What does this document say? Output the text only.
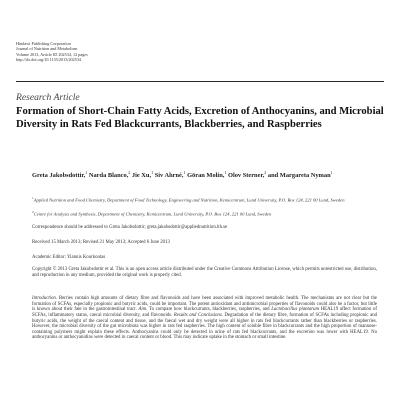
Hindawi Publishing Corporation
Journal of Nutrition and Metabolism
Volume 2013, Article ID 202534, 12 pages
http://dx.doi.org/10.1155/2013/202534
Research Article
Formation of Short-Chain Fatty Acids, Excretion of Anthocyanins, and Microbial Diversity in Rats Fed Blackcurrants, Blackberries, and Raspberries
Greta Jakobsdottir,$^1$ Narda Blanco,$^2$ Jie Xu,$^1$ Siv Ahrné,$^1$ Göran Molin,$^1$ Olov Sterner,$^2$ and Margareta Nyman$^1$
$^1$Applied Nutrition and Food Chemistry, Department of Food Technology, Engineering and Nutrition, Kemicentrum, Lund University, P.O. Box 124, 221 00 Lund, Sweden
$^2$Centre for Analysis and Synthesis, Department of Chemistry, Kemicentrum, Lund University, P.O. Box 124, 221 00 Lund, Sweden
Correspondence should be addressed to Greta Jakobsdottir; greta.jakobsdottir@appliednutrition.lth.se
Received 15 March 2013; Revised 21 May 2013; Accepted 6 June 2013
Academic Editor: Yiannis Kourkoutas
Copyright © 2013 Greta Jakobsdottir et al. This is an open access article distributed under the Creative Commons Attribution License, which permits unrestricted use, distribution, and reproduction in any medium, provided the original work is properly cited.
Introduction. Berries contain high amounts of dietary fibre and flavonoids and have been associated with improved metabolic health. The mechanisms are not clear but the formation of SCFAs, especially propionic and butyric acids, could be important. The potent antioxidant and antimicrobial properties of flavonoids could also be a factor, but little is known about their fate in the gastrointestinal tract. Aim. To compare how blackcurrants, blackberries, raspberries, and Lactobacillus plantarum HEAL19 affect formation of SCFAs, inflammatory status, caecal microbial diversity, and flavonoids. Results and Conclusions. Degradation of the dietary fibre, formation of SCFAs including propionic and butyric acids, the weight of the caecal content and tissue, and the faecal wet and dry weight were all higher in rats fed blackcurrants rather than blackberries or raspberries. However, the microbial diversity of the gut microbiota was higher in rats fed raspberries. The high content of soluble fibre in blackcurrants and the high proportion of mannose-containing polymers might explain these effects. Anthocyanins could only be detected in urine of rats fed blackcurrants, and the excretion was lower with HEAL19. No anthocyanins or anthocyanidins were detected in caecal content or blood. This may indicate uptake in the stomach or small intestine.
